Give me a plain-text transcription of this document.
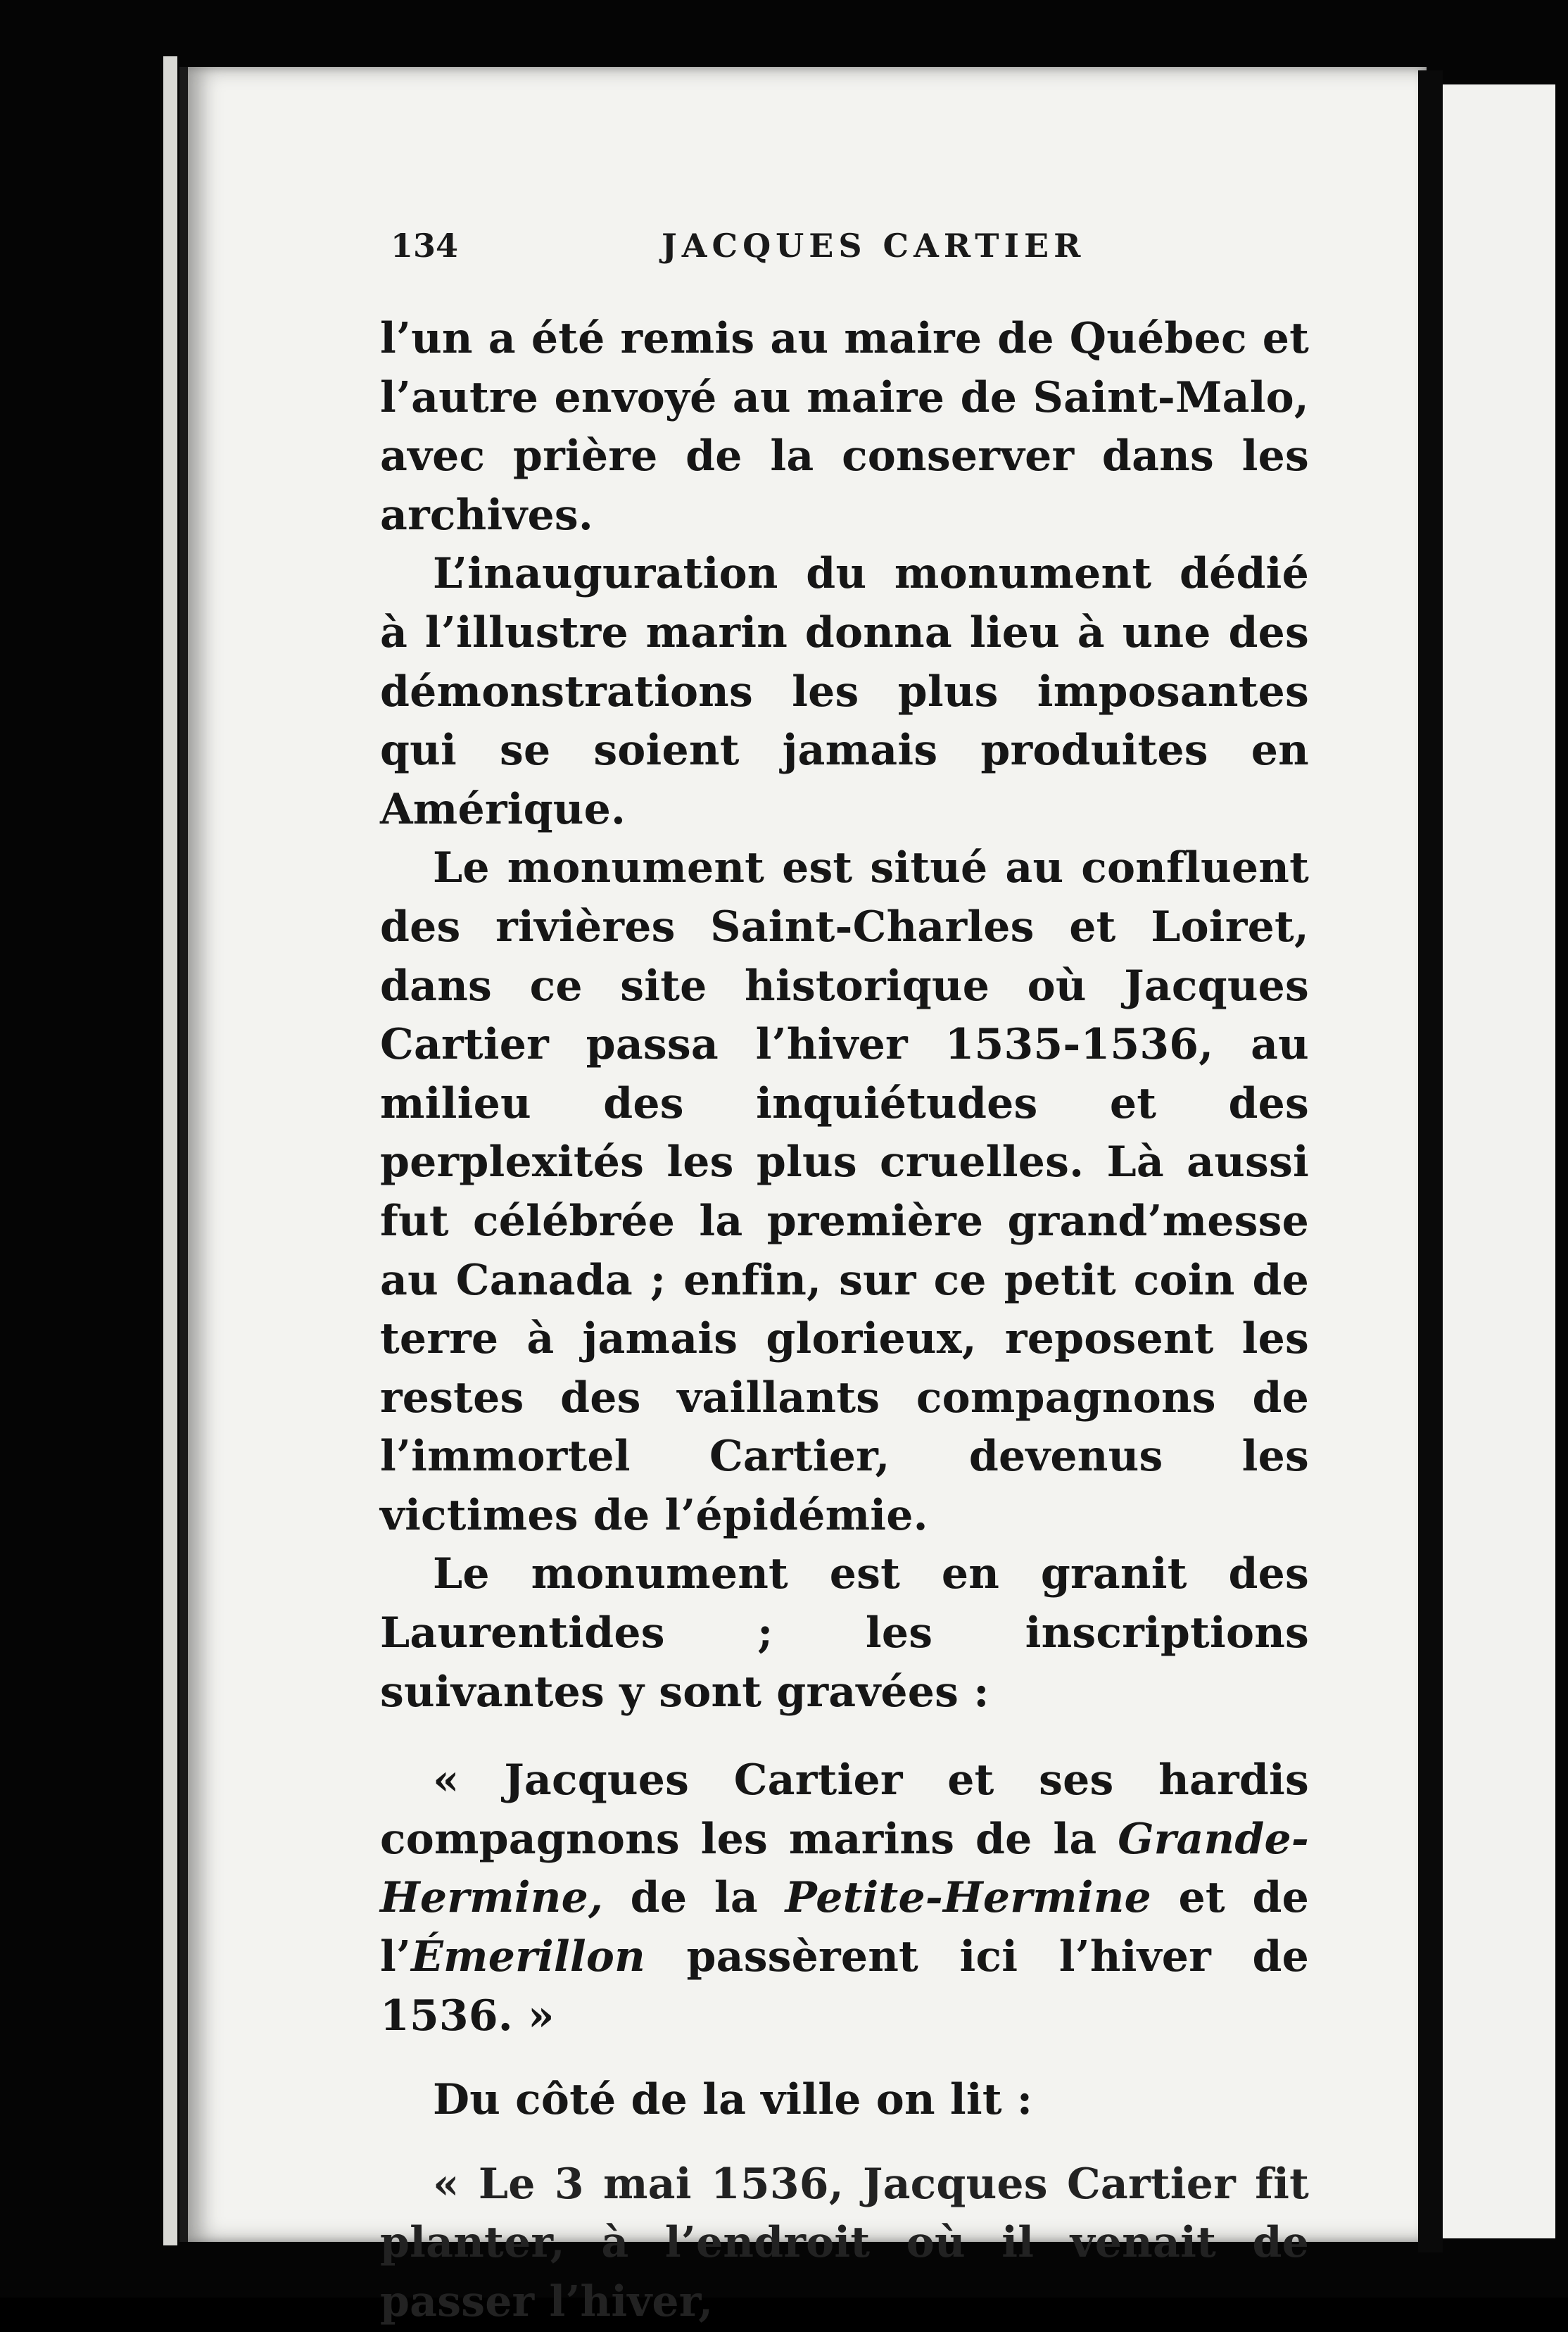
134	JACQUES CARTIER

l’un a été remis au maire de Québec et l’autre envoyé au maire de Saint-Malo, avec prière de la conserver dans les archives.

L’inauguration du monument dédié à l’illustre marin donna lieu à une des démonstrations les plus imposantes qui se soient jamais produites en Amérique.

Le monument est situé au confluent des rivières Saint-Charles et Loiret, dans ce site historique où Jacques Cartier passa l’hiver 1535-1536, au milieu des inquiétudes et des perplexités les plus cruelles. Là aussi fut célébrée la première grand’messe au Canada ; enfin, sur ce petit coin de terre à jamais glorieux, reposent les restes des vaillants compagnons de l’immortel Cartier, devenus les victimes de l’épidémie.

Le monument est en granit des Laurentides ; les inscriptions suivantes y sont gravées :

« Jacques Cartier et ses hardis compagnons les marins de la Grande-Hermine, de la Petite-Hermine et de l’Émerillon passèrent ici l’hiver de 1536. »

Du côté de la ville on lit :

« Le 3 mai 1536, Jacques Cartier fit planter, à l’endroit où il venait de passer l’hiver,
